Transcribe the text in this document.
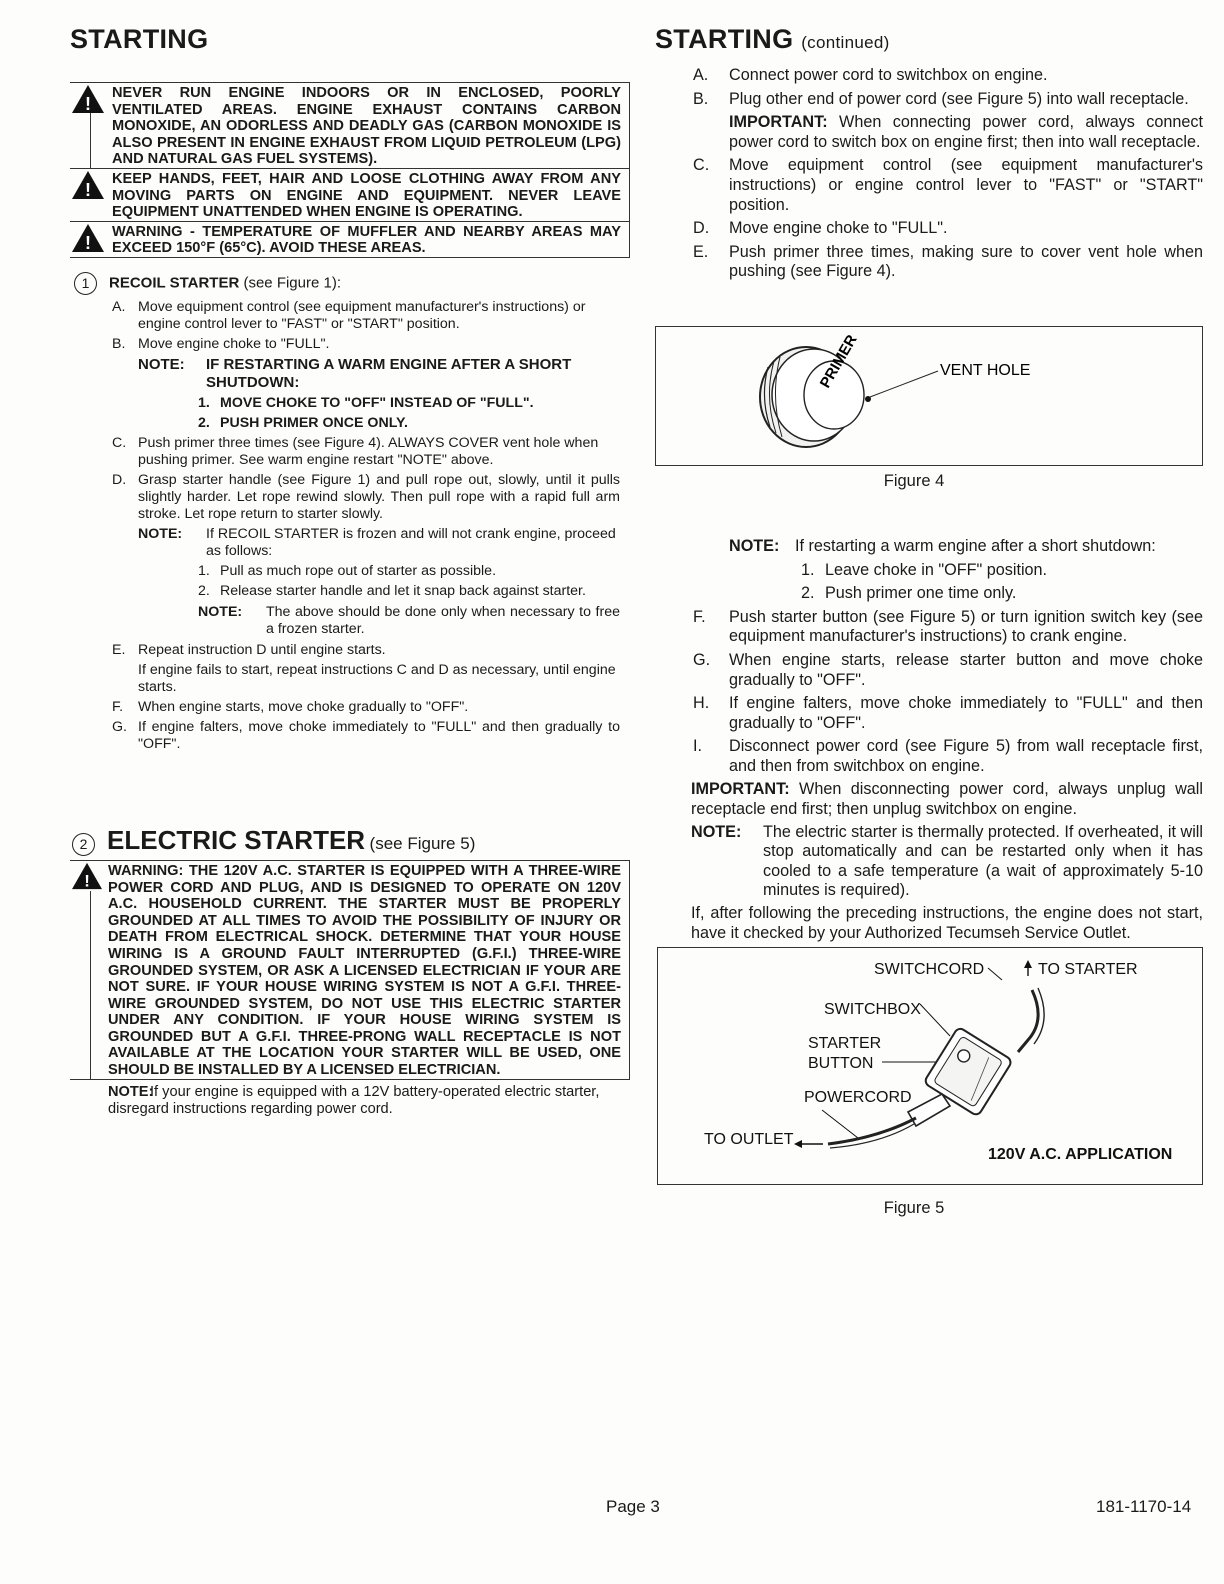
STARTING
!
NEVER RUN ENGINE INDOORS OR IN ENCLOSED, POORLY VENTILATED AREAS. ENGINE EXHAUST CONTAINS CARBON MONOXIDE, AN ODORLESS AND DEADLY GAS (CARBON MONOXIDE IS ALSO PRESENT IN ENGINE EXHAUST FROM LIQUID PETROLEUM (LPG) AND NATURAL GAS FUEL SYSTEMS).
!
KEEP HANDS, FEET, HAIR AND LOOSE CLOTHING AWAY FROM ANY MOVING PARTS ON ENGINE AND EQUIPMENT. NEVER LEAVE EQUIPMENT UNATTENDED WHEN ENGINE IS OPERATING.
!
WARNING - TEMPERATURE OF MUFFLER AND NEARBY AREAS MAY EXCEED 150°F (65°C). AVOID THESE AREAS.
1 RECOIL STARTER (see Figure 1):
A. Move equipment control (see equipment manufacturer's instructions) or engine control lever to "FAST" or "START" position.
B. Move engine choke to "FULL".
NOTE: IF RESTARTING A WARM ENGINE AFTER A SHORT SHUTDOWN:
1. MOVE CHOKE TO "OFF" INSTEAD OF "FULL".
2. PUSH PRIMER ONCE ONLY.
C. Push primer three times (see Figure 4). ALWAYS COVER vent hole when pushing primer. See warm engine restart "NOTE" above.
D. Grasp starter handle (see Figure 1) and pull rope out, slowly, until it pulls slightly harder. Let rope rewind slowly. Then pull rope with a rapid full arm stroke. Let rope return to starter slowly.
NOTE: If RECOIL STARTER is frozen and will not crank engine, proceed as follows:
1. Pull as much rope out of starter as possible.
2. Release starter handle and let it snap back against starter.
NOTE: The above should be done only when necessary to free a frozen starter.
E. Repeat instruction D until engine starts.
If engine fails to start, repeat instructions C and D as necessary, until engine starts.
F. When engine starts, move choke gradually to "OFF".
G. If engine falters, move choke immediately to "FULL" and then gradually to "OFF".
2 ELECTRIC STARTER (see Figure 5)
!
WARNING: THE 120V A.C. STARTER IS EQUIPPED WITH A THREE-WIRE POWER CORD AND PLUG, AND IS DESIGNED TO OPERATE ON 120V A.C. HOUSEHOLD CURRENT. THE STARTER MUST BE PROPERLY GROUNDED AT ALL TIMES TO AVOID THE POSSIBILITY OF INJURY OR DEATH FROM ELECTRICAL SHOCK. DETERMINE THAT YOUR HOUSE WIRING IS A GROUND FAULT INTERRUPTED (G.F.I.) THREE-WIRE GROUNDED SYSTEM, OR ASK A LICENSED ELECTRICIAN IF YOUR ARE NOT SURE. IF YOUR HOUSE WIRING SYSTEM IS NOT A G.F.I. THREE-WIRE GROUNDED SYSTEM, DO NOT USE THIS ELECTRIC STARTER UNDER ANY CONDITION. IF YOUR HOUSE WIRING SYSTEM IS GROUNDED BUT A G.F.I. THREE-PRONG WALL RECEPTACLE IS NOT AVAILABLE AT THE LOCATION YOUR STARTER WILL BE USED, ONE SHOULD BE INSTALLED BY A LICENSED ELECTRICIAN.
NOTE:
If your engine is equipped with a 12V battery-operated electric starter, disregard instructions regarding power cord.
STARTING (continued)
A. Connect power cord to switchbox on engine.
B. Plug other end of power cord (see Figure 5) into wall receptacle.
IMPORTANT: When connecting power cord, always connect power cord to switch box on engine first; then into wall receptacle.
C. Move equipment control (see equipment manufacturer's instructions) or engine control lever to "FAST" or "START" position.
D. Move engine choke to "FULL".
E. Push primer three times, making sure to cover vent hole when pushing (see Figure 4).
PRIMER	VENT HOLE
Figure 4
NOTE: If restarting a warm engine after a short shutdown:
1. Leave choke in "OFF" position.
2. Push primer one time only.
F. Push starter button (see Figure 5) or turn ignition switch key (see equipment manufacturer's instructions) to crank engine.
G. When engine starts, release starter button and move choke gradually to "OFF".
H. If engine falters, move choke immediately to "FULL" and then gradually to "OFF".
I. Disconnect power cord (see Figure 5) from wall receptacle first, and then from switchbox on engine.
IMPORTANT: When disconnecting power cord, always unplug wall receptacle end first; then unplug switchbox on engine.
NOTE: The electric starter is thermally protected. If overheated, it will stop automatically and can be restarted only when it has cooled to a safe temperature (a wait of approximately 5-10 minutes is required).
If, after following the preceding instructions, the engine does not start, have it checked by your Authorized Tecumseh Service Outlet.
SWITCHCORD	TO STARTER
SWITCHBOX
STARTER
BUTTON
POWERCORD
TO OUTLET
120V A.C. APPLICATION
Figure 5
Page 3	181-1170-14
